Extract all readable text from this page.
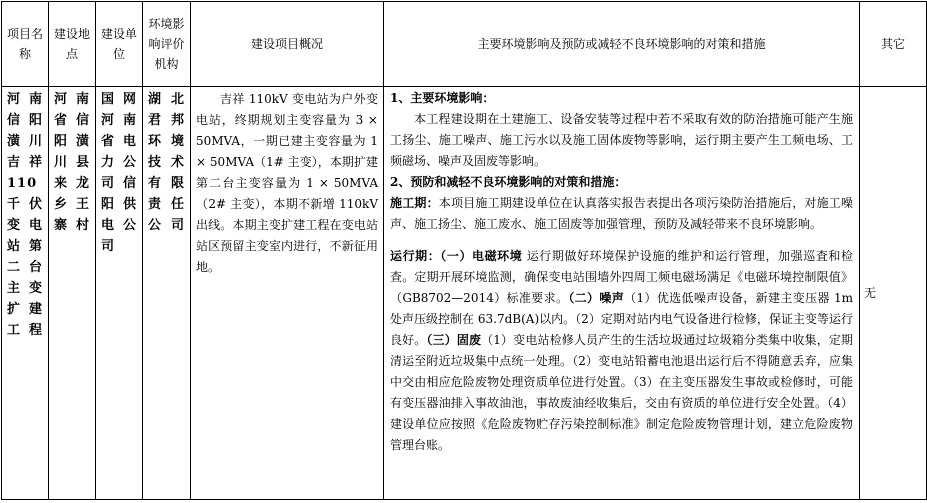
项目名称	建设地点	建设单位	环境影响评价机构	建设项目概况	主要环境影响及预防或减轻不良环境影响的对策和措施	其它
河南信阳潢川吉祥110千伏变电站第二台主变扩建工程	河南省信阳潢川县来龙乡王寨村	国网河南省电力公司信阳供电公司	湖北君邦环境技术有限责任公司	吉祥 110kV 变电站为户外变电站，终期规划主变容量为 3 × 50MVA，一期已建主变容量为 1 × 50MVA（1# 主变），本期扩建第二台主变容量为 1 × 50MVA（2# 主变），本期不新增 110kV 出线。本期主变扩建工程在变电站站区预留主变室内进行，不新征用地。	1、主要环境影响：

本工程建设期在土建施工、设备安装等过程中若不采取有效的防治措施可能产生施工扬尘、施工噪声、施工污水以及施工固体废物等影响，运行期主要产生工频电场、工频磁场、噪声及固废等影响。

2、预防和减轻不良环境影响的对策和措施：

施工期：本项目施工期建设单位在认真落实报告表提出各项污染防治措施后，对施工噪声、施工扬尘、施工废水、施工固废等加强管理，预防及减轻带来不良环境影响。

运行期：（一）电磁环境 运行期做好环境保护设施的维护和运行管理，加强巡査和检查。定期开展环境监测，确保变电站围墙外四周工频电磁场满足《电磁环境控制限值》（GB8702—2014）标准要求。（二）噪声（1）优选低噪声设备，新建主变压器 1m 处声压级控制在 63.7dB(A)以内。（2）定期对站内电气设备进行检修，保证主变等运行良好。（三）固废（1）变电站检修人员产生的生活垃圾通过垃圾箱分类集中收集，定期清运至附近垃圾集中点统一处理。（2）变电站铅蓄电池退出运行后不得随意丢弃，应集中交由相应危险废物处理资质单位进行处置。（3）在主变压器发生事故或检修时，可能有变压器油排入事故油池，事故废油经收集后，交由有资质的单位进行安全处置。（4）建设单位应按照《危险废物贮存污染控制标准》制定危险废物管理计划，建立危险废物管理台账。	无
